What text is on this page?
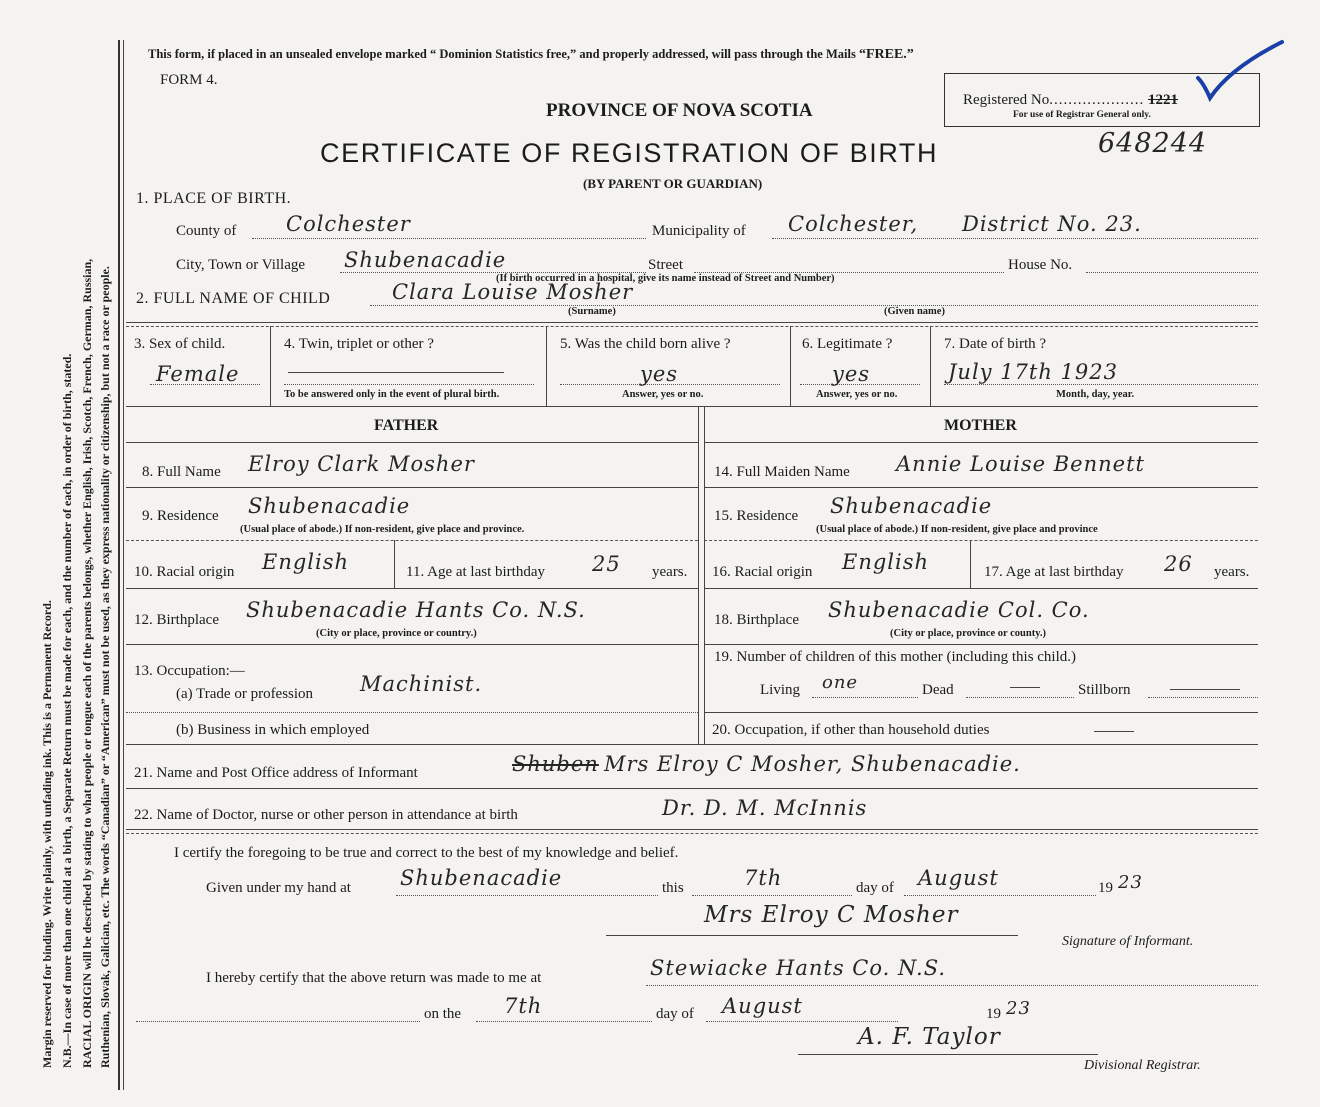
Margin reserved for binding. Write plainly, with unfading ink. This is a Permanent Record. N.B.—In case of more than one child at a birth, a Separate Return must be made for each, and the number of each, in order of birth, stated. RACIAL ORIGIN will be described by stating to what people or tongue each of the parents belongs, whether English, Irish, Scotch, French, German, Russian, Ruthenian, Slovak, Galician, etc. The words “Canadian” or “American” must not be used, as they express nationality or citizenship, but not a race or people.
This form, if placed in an unsealed envelope marked “ Dominion Statistics free,” and properly addressed, will pass through the Mails “FREE.”
FORM 4.
PROVINCE OF NOVA SCOTIA	Registered No.................... 1221
For use of Registrar General only.
CERTIFICATE OF REGISTRATION OF BIRTH	648244
(BY PARENT OR GUARDIAN)
1. PLACE OF BIRTH.
County of Colchester	Municipality of Colchester, District No. 23.
City, Town or Village Shubenacadie	Street	House No.
(If birth occurred in a hospital, give its name instead of Street and Number)
2. FULL NAME OF CHILD	Clara Louise Mosher
(Surname)	(Given name)
3. Sex of child.
Female
4. Twin, triplet or other ?
To be answered only in the event of plural birth.
5. Was the child born alive ?
yes
Answer, yes or no.
6. Legitimate ?
yes
Answer, yes or no.
7. Date of birth ?
July 17th 1923
Month, day, year.
FATHER	MOTHER
8. Full Name Elroy Clark Mosher	14. Full Maiden Name Annie Louise Bennett
9. Residence Shubenacadie
(Usual place of abode.) If non-resident, give place and province.
15. Residence Shubenacadie
(Usual place of abode.) If non-resident, give place and province
10. Racial origin English	11. Age at last birthday 25 years. 16. Racial origin English	17. Age at last birthday 26 years.
12. Birthplace Shubenacadie Hants Co. N.S.
(City or place, province or country.)
18. Birthplace Shubenacadie Col. Co.
(City or place, province or county.)
13. Occupation:—
(a) Trade or profession Machinist.
19. Number of children of this mother (including this child.)
Living one	Dead	Stillborn
(b) Business in which employed	20. Occupation, if other than household duties
21. Name and Post Office address of Informant	Shuben Mrs Elroy C Mosher, Shubenacadie.
22. Name of Doctor, nurse or other person in attendance at birth	Dr. D. M. McInnis
I certify the foregoing to be true and correct to the best of my knowledge and belief.
Given under my hand at Shubenacadie	this	7th	day of August	19 23
Mrs Elroy C Mosher
Signature of Informant.
I hereby certify that the above return was made to me at	Stewiacke Hants Co. N.S.
on the 7th	day of August	19 23
A. F. Taylor
Divisional Registrar.
